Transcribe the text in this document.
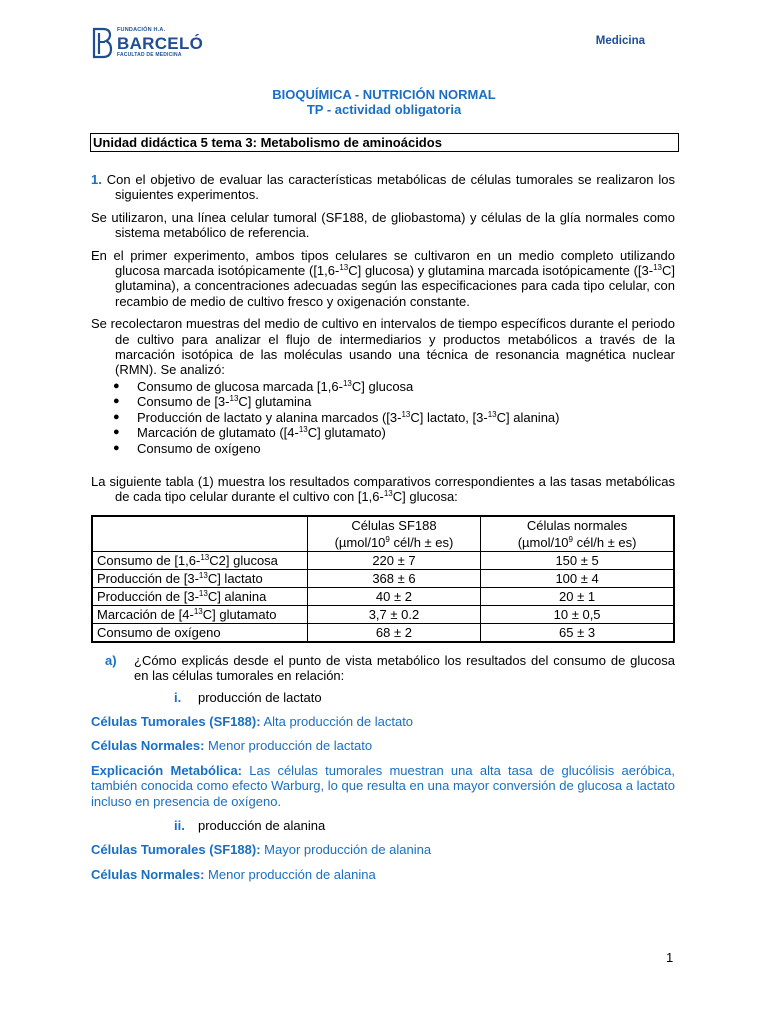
FUNDACIÓN H.A.
BARCELÓ
FACULTAD DE MEDICINA
Medicina
BIOQUÍMICA - NUTRICIÓN NORMAL
TP - actividad obligatoria
Unidad didáctica 5 tema 3: Metabolismo de aminoácidos

1. Con el objetivo de evaluar las características metabólicas de células tumorales se realizaron los siguientes experimentos.

Se utilizaron, una línea celular tumoral (SF188, de gliobastoma) y células de la glía normales como sistema metabólico de referencia.

En el primer experimento, ambos tipos celulares se cultivaron en un medio completo utilizando glucosa marcada isotópicamente ([1,6-$^{13}$C] glucosa) y glutamina marcada isotópicamente ([3-$^{13}$C] glutamina), a concentraciones adecuadas según las especificaciones para cada tipo celular, con recambio de medio de cultivo fresco y oxigenación constante.

Se recolectaron muestras del medio de cultivo en intervalos de tiempo específicos durante el periodo de cultivo para analizar el flujo de intermediarios y productos metabólicos a través de la marcación isotópica de las moléculas usando una técnica de resonancia magnética nuclear (RMN). Se analizó:

● Consumo de glucosa marcada [1,6-$^{13}$C] glucosa
● Consumo de [3-$^{13}$C] glutamina
● Producción de lactato y alanina marcados ([3-$^{13}$C] lactato, [3-$^{13}$C] alanina)
● Marcación de glutamato ([4-$^{13}$C] glutamato)
● Consumo de oxígeno

La siguiente tabla (1) muestra los resultados comparativos correspondientes a las tasas metabólicas de cada tipo celular durante el cultivo con [1,6-$^{13}$C] glucosa:

	Células SF188
($\mu mol/10^9$ cél/h ± es)	Células normales
($\mu mol/10^9$ cél/h ± es)
Consumo de [1,6-$^{13}$C2] glucosa	220 ± 7	150 ± 5
Producción de [3-$^{13}$C] lactato	368 ± 6	100 ± 4
Producción de [3-$^{13}$C] alanina	40 ± 2	20 ± 1
Marcación de [4-$^{13}$C] glutamato	3,7 ± 0.2	10 ± 0,5
Consumo de oxígeno	68 ± 2	65 ± 3

a) ¿Cómo explicás desde el punto de vista metabólico los resultados del consumo de glucosa en las células tumorales en relación:

i. producción de lactato

Células Tumorales (SF188): Alta producción de lactato

Células Normales: Menor producción de lactato

Explicación Metabólica: Las células tumorales muestran una alta tasa de glucólisis aeróbica, también conocida como efecto Warburg, lo que resulta en una mayor conversión de glucosa a lactato incluso en presencia de oxígeno.

ii. producción de alanina

Células Tumorales (SF188): Mayor producción de alanina

Células Normales: Menor producción de alanina

1
